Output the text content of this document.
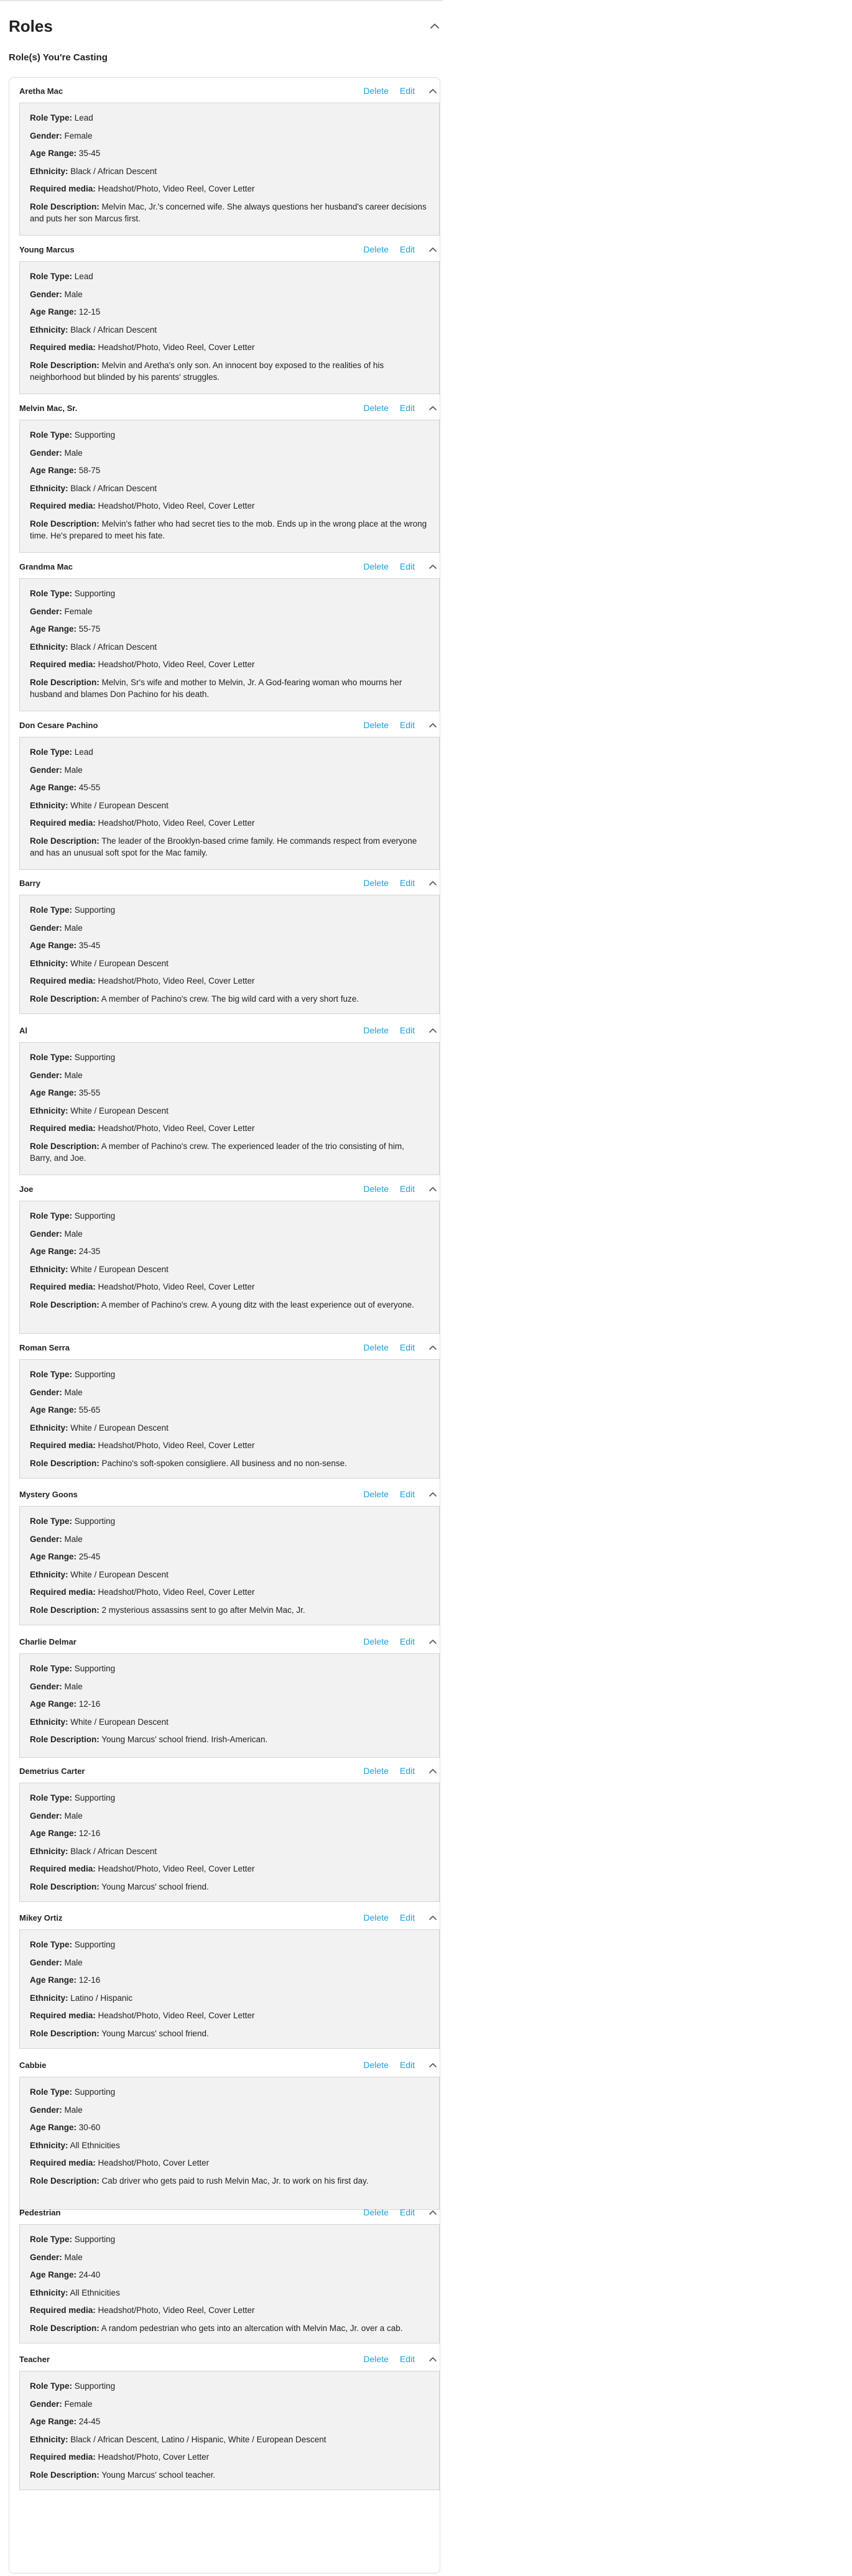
Roles
Role(s) You're Casting
Aretha Mac	Delete Edit
Role Type: Lead
Gender: Female
Age Range: 35-45
Ethnicity: Black / African Descent
Required media: Headshot/Photo, Video Reel, Cover Letter
Role Description: Melvin Mac, Jr.'s concerned wife. She always questions her husband's career decisions and puts her son Marcus first.
Young Marcus	Delete Edit
Role Type: Lead
Gender: Male
Age Range: 12-15
Ethnicity: Black / African Descent
Required media: Headshot/Photo, Video Reel, Cover Letter
Role Description: Melvin and Aretha's only son. An innocent boy exposed to the realities of his neighborhood but blinded by his parents' struggles.
Melvin Mac, Sr.	Delete Edit
Role Type: Supporting
Gender: Male
Age Range: 58-75
Ethnicity: Black / African Descent
Required media: Headshot/Photo, Video Reel, Cover Letter
Role Description: Melvin's father who had secret ties to the mob. Ends up in the wrong place at the wrong time. He's prepared to meet his fate.
Grandma Mac	Delete Edit
Role Type: Supporting
Gender: Female
Age Range: 55-75
Ethnicity: Black / African Descent
Required media: Headshot/Photo, Video Reel, Cover Letter
Role Description: Melvin, Sr's wife and mother to Melvin, Jr. A God-fearing woman who mourns her husband and blames Don Pachino for his death.
Don Cesare Pachino	Delete Edit
Role Type: Lead
Gender: Male
Age Range: 45-55
Ethnicity: White / European Descent
Required media: Headshot/Photo, Video Reel, Cover Letter
Role Description: The leader of the Brooklyn-based crime family. He commands respect from everyone and has an unusual soft spot for the Mac family.
Barry	Delete Edit
Role Type: Supporting
Gender: Male
Age Range: 35-45
Ethnicity: White / European Descent
Required media: Headshot/Photo, Video Reel, Cover Letter
Role Description: A member of Pachino's crew. The big wild card with a very short fuze.
Al	Delete Edit
Role Type: Supporting
Gender: Male
Age Range: 35-55
Ethnicity: White / European Descent
Required media: Headshot/Photo, Video Reel, Cover Letter
Role Description: A member of Pachino's crew. The experienced leader of the trio consisting of him, Barry, and Joe.
Joe	Delete Edit
Role Type: Supporting
Gender: Male
Age Range: 24-35
Ethnicity: White / European Descent
Required media: Headshot/Photo, Video Reel, Cover Letter
Role Description: A member of Pachino's crew. A young ditz with the least experience out of everyone.
Roman Serra	Delete Edit
Role Type: Supporting
Gender: Male
Age Range: 55-65
Ethnicity: White / European Descent
Required media: Headshot/Photo, Video Reel, Cover Letter
Role Description: Pachino's soft-spoken consigliere. All business and no non-sense.
Mystery Goons	Delete Edit
Role Type: Supporting
Gender: Male
Age Range: 25-45
Ethnicity: White / European Descent
Required media: Headshot/Photo, Video Reel, Cover Letter
Role Description: 2 mysterious assassins sent to go after Melvin Mac, Jr.
Charlie Delmar	Delete Edit
Role Type: Supporting
Gender: Male
Age Range: 12-16
Ethnicity: White / European Descent
Role Description: Young Marcus' school friend. Irish-American.
Demetrius Carter	Delete Edit
Role Type: Supporting
Gender: Male
Age Range: 12-16
Ethnicity: Black / African Descent
Required media: Headshot/Photo, Video Reel, Cover Letter
Role Description: Young Marcus' school friend.
Mikey Ortiz	Delete Edit
Role Type: Supporting
Gender: Male
Age Range: 12-16
Ethnicity: Latino / Hispanic
Required media: Headshot/Photo, Video Reel, Cover Letter
Role Description: Young Marcus' school friend.
Cabbie	Delete Edit
Role Type: Supporting
Gender: Male
Age Range: 30-60
Ethnicity: All Ethnicities
Required media: Headshot/Photo, Cover Letter
Role Description: Cab driver who gets paid to rush Melvin Mac, Jr. to work on his first day.
Pedestrian	Delete Edit
Role Type: Supporting
Gender: Male
Age Range: 24-40
Ethnicity: All Ethnicities
Required media: Headshot/Photo, Video Reel, Cover Letter
Role Description: A random pedestrian who gets into an altercation with Melvin Mac, Jr. over a cab.
Teacher	Delete Edit
Role Type: Supporting
Gender: Female
Age Range: 24-45
Ethnicity: Black / African Descent, Latino / Hispanic, White / European Descent
Required media: Headshot/Photo, Cover Letter
Role Description: Young Marcus' school teacher.
